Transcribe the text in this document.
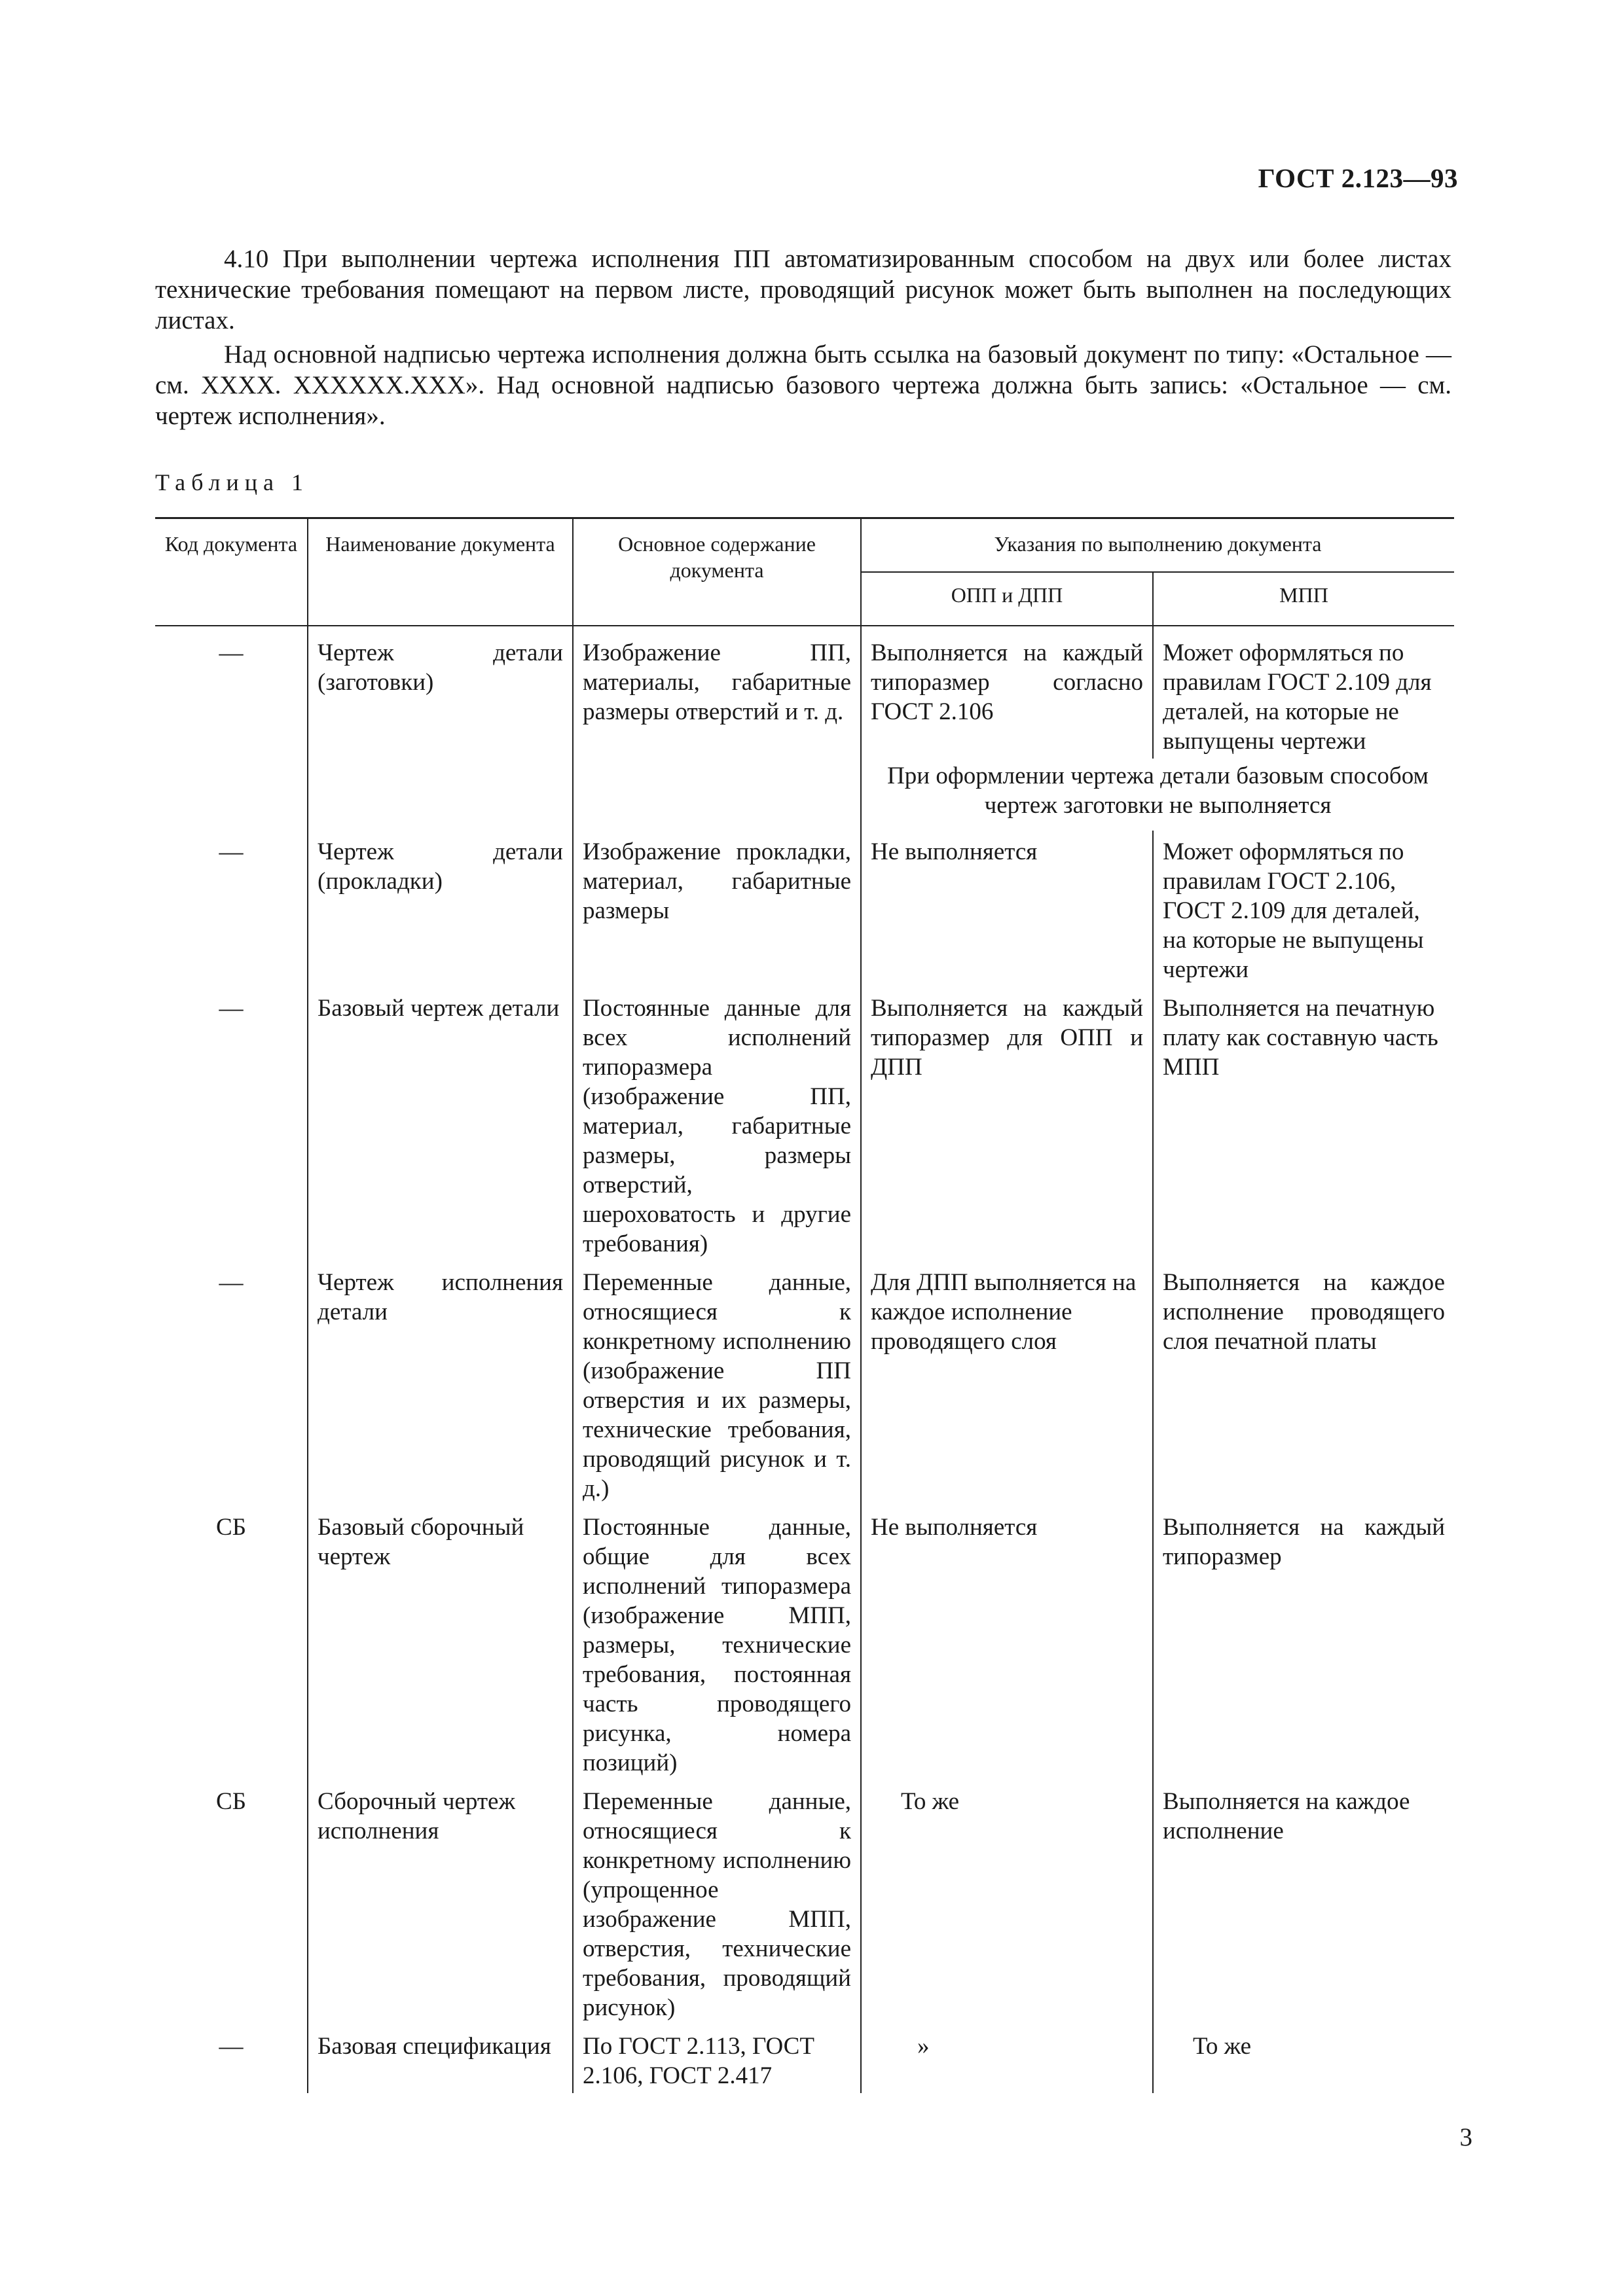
ГОСТ 2.123—93

4.10 При выполнении чертежа исполнения ПП автоматизированным способом на двух или более листах технические требования помещают на первом листе, проводящий рисунок может быть выполнен на последующих листах.

Над основной надписью чертежа исполнения должна быть ссылка на базовый документ по типу: «Остальное — см. ХХХХ. ХХХХХХ.ХХХ». Над основной надписью базового чертежа должна быть запись: «Остальное — см. чертеж исполнения».

Таблица 1
Код документа	Наименование документа	Основное содержание документа	Указания по выполнению документа	
			ОПП и ДПП	МПП
—	Чертеж детали (заготовки)	Изображение ПП, материалы, габаритные размеры отверстий и т. д.	Выполняется на каждый типоразмер согласно ГОСТ 2.106	Может оформляться по правилам ГОСТ 2.109 для деталей, на которые не выпущены чертежи
			При оформлении чертежа детали базовым способом чертеж заготовки не выполняется	
—	Чертеж детали (прокладки)	Изображение прокладки, материал, габаритные размеры	Не выполняется	Может оформляться по правилам ГОСТ 2.106, ГОСТ 2.109 для деталей, на которые не выпущены чертежи
—	Базовый чертеж детали	Постоянные данные для всех исполнений типоразмера (изображение ПП, материал, габаритные размеры, размеры отверстий, шероховатость и другие требования)	Выполняется на каждый типоразмер для ОПП и ДПП	Выполняется на печатную плату как составную часть МПП
—	Чертеж исполнения детали	Переменные данные, относящиеся к конкретному исполнению (изображение ПП отверстия и их размеры, технические требования, проводящий рисунок и т. д.)	Для ДПП выполняется на каждое исполнение проводящего слоя	Выполняется на каждое исполнение проводящего слоя печатной платы
СБ	Базовый сборочный чертеж	Постоянные данные, общие для всех исполнений типоразмера (изображение МПП, размеры, технические требования, постоянная часть проводящего рисунка, номера позиций)	Не выполняется	Выполняется на каждый типоразмер
СБ	Сборочный чертеж исполнения	Переменные данные, относящиеся к конкретному исполнению (упрощенное изображение МПП, отверстия, технические требования, проводящий рисунок)	То же	Выполняется на каждое исполнение
—	Базовая спецификация	По ГОСТ 2.113, ГОСТ 2.106, ГОСТ 2.417	»	То же
3
